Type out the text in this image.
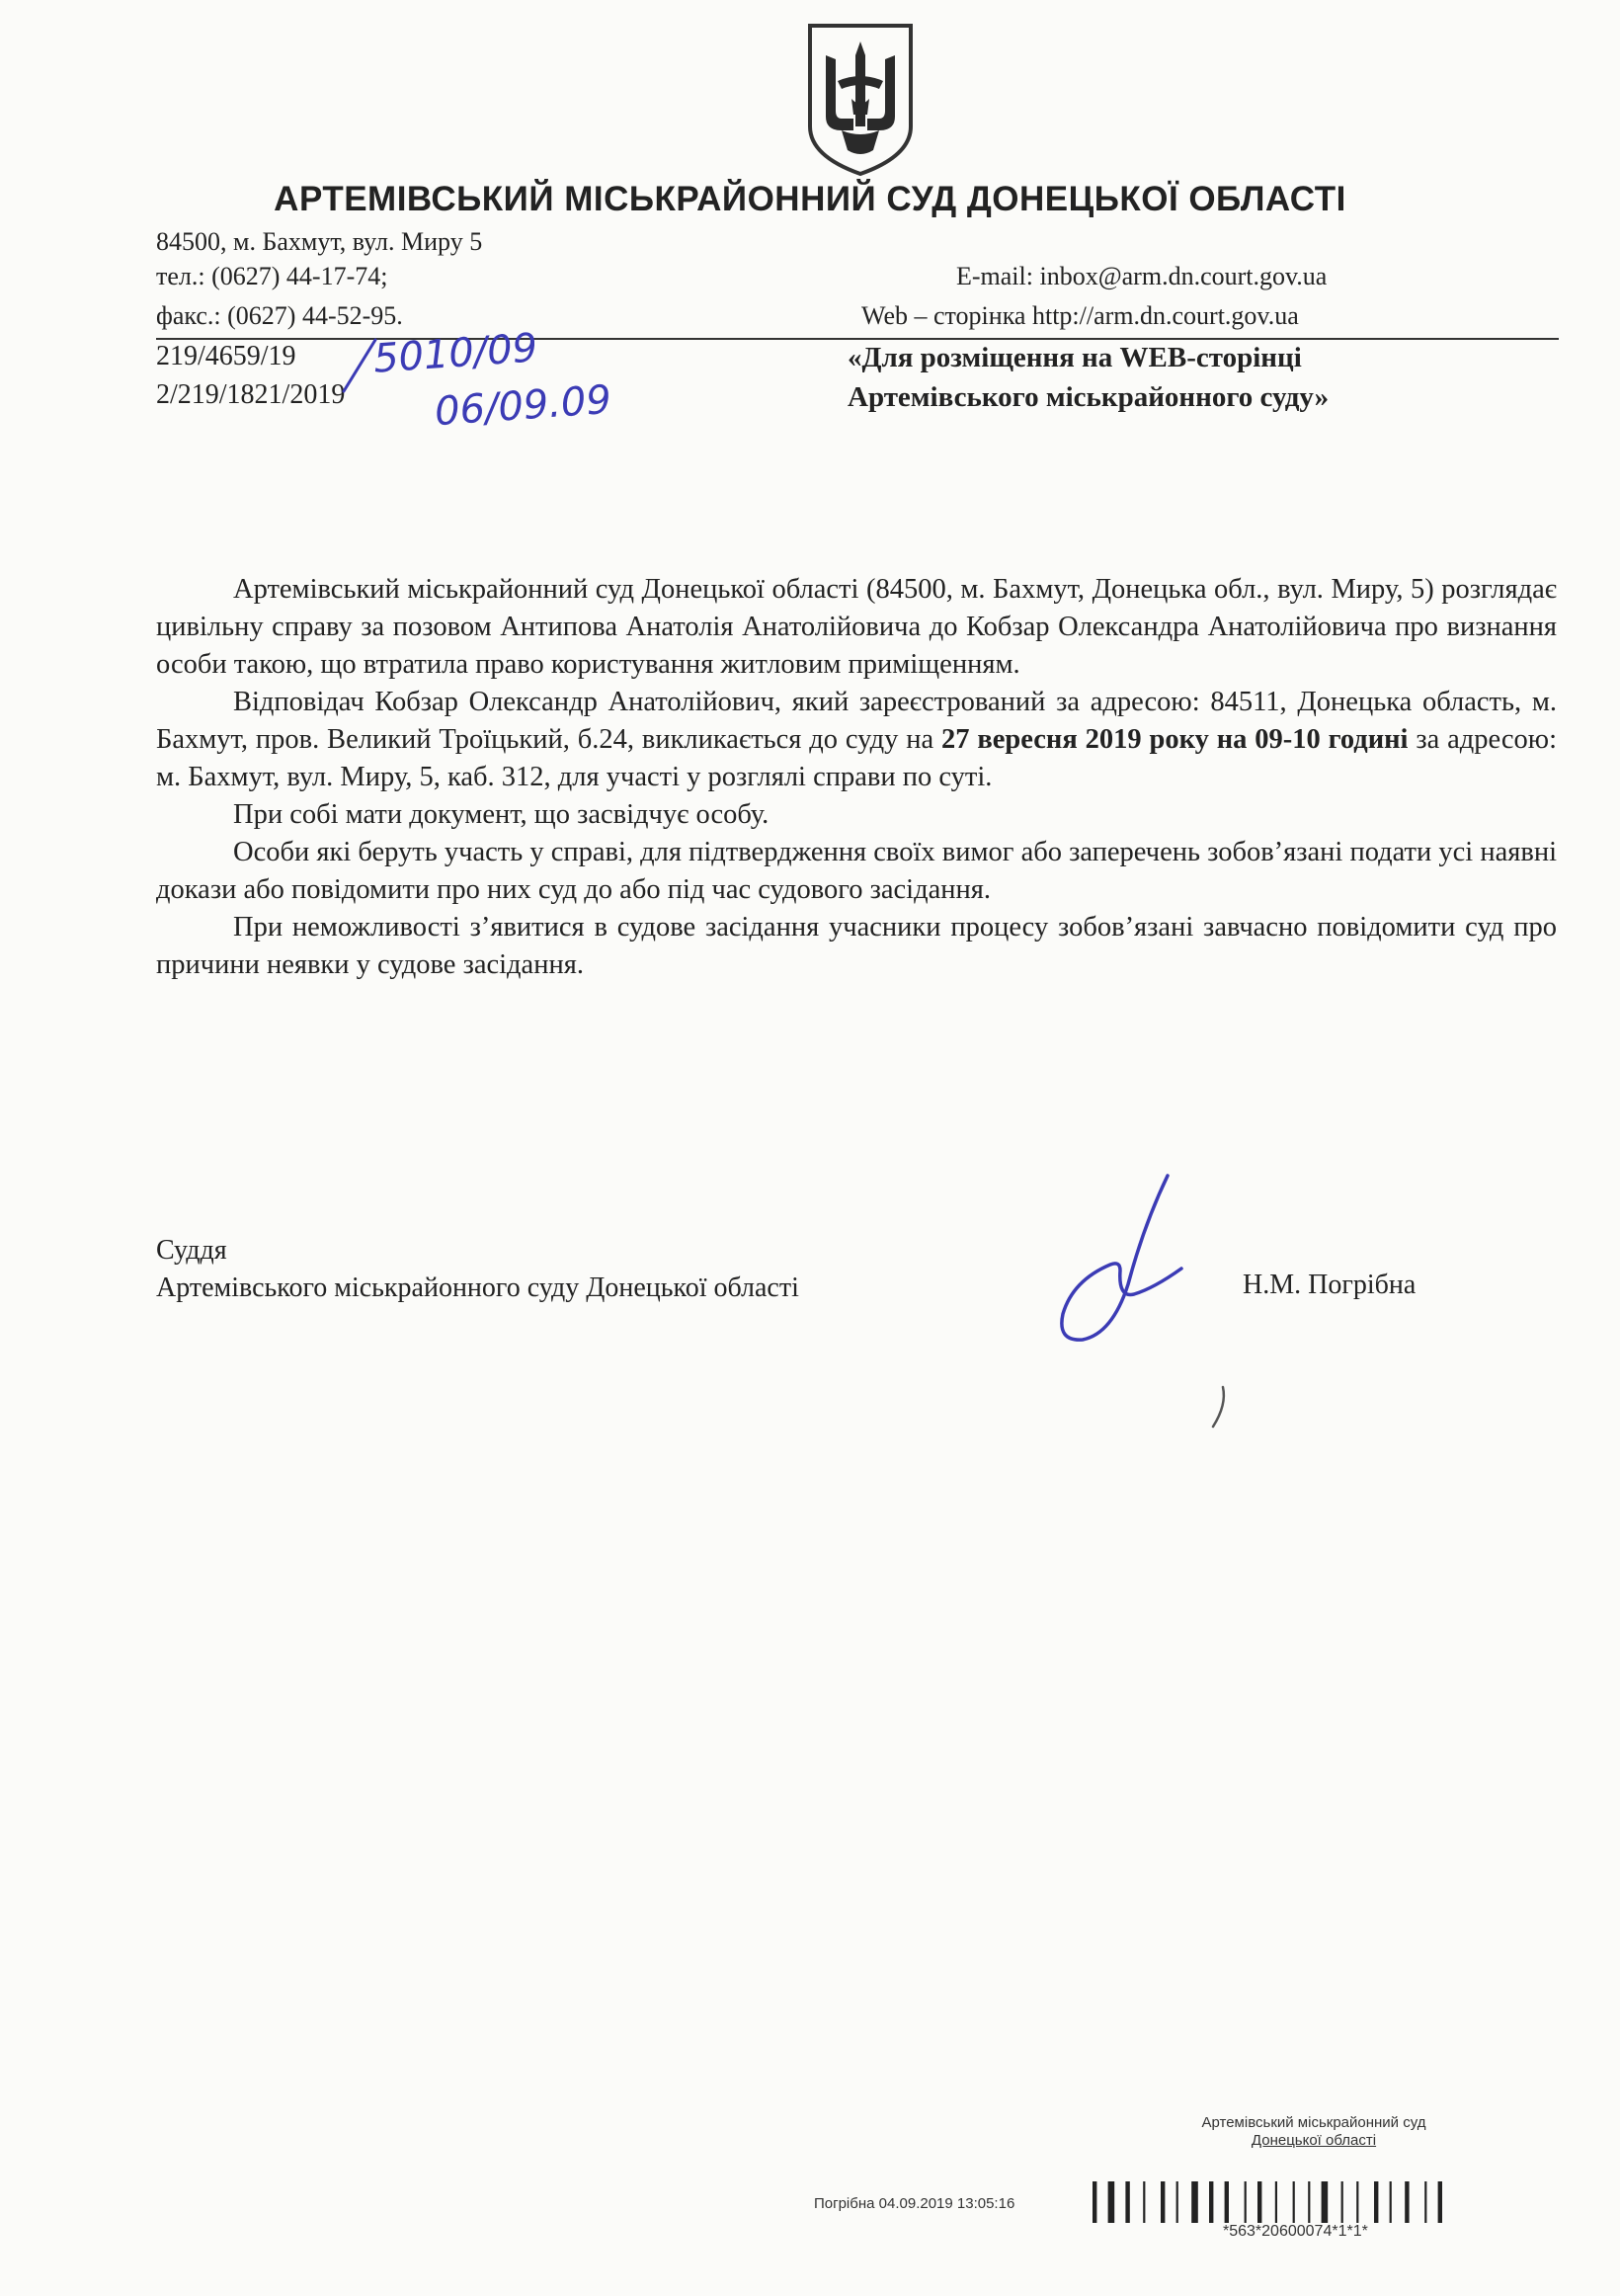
АРТЕМІВСЬКИЙ МІСЬКРАЙОННИЙ СУД ДОНЕЦЬКОЇ ОБЛАСТІ
84500, м. Бахмут, вул. Миру 5
тел.: (0627) 44-17-74;	E-mail: inbox@arm.dn.court.gov.ua
факс.: (0627) 44-52-95.	Web – сторінка http://arm.dn.court.gov.ua
219/4659/19
2/219/1821/2019
5010/09
06/09.09
«Для розміщення на WEB-сторінці
Артемівського міськрайонного суду»

Артемівський міськрайонний суд Донецької області (84500, м. Бахмут, Донецька обл., вул. Миру, 5) розглядає цивільну справу за позовом Антипова Анатолія Анатолійовича до Кобзар Олександра Анатолійовича про визнання особи такою, що втратила право користування житловим приміщенням.

Відповідач Кобзар Олександр Анатолійович, який зареєстрований за адресою: 84511, Донецька область, м. Бахмут, пров. Великий Троїцький, б.24, викликається до суду на 27 вересня 2019 року на 09-10 годині за адресою: м. Бахмут, вул. Миру, 5, каб. 312, для участі у розглялі справи по суті.

При собі мати документ, що засвідчує особу.

Особи які беруть участь у справі, для підтвердження своїх вимог або заперечень зобов’язані подати усі наявні докази або повідомити про них суд до або під час судового засідання.

При неможливості з’явитися в судове засідання учасники процесу зобов’язані завчасно повідомити суд про причини неявки у судове засідання.

Суддя
Артемівського міськрайонного суду Донецької області	Н.М. Погрібна
Артемівський міськрайонний суд
Донецької області
Погрібна 04.09.2019 13:05:16
*563*20600074*1*1*
